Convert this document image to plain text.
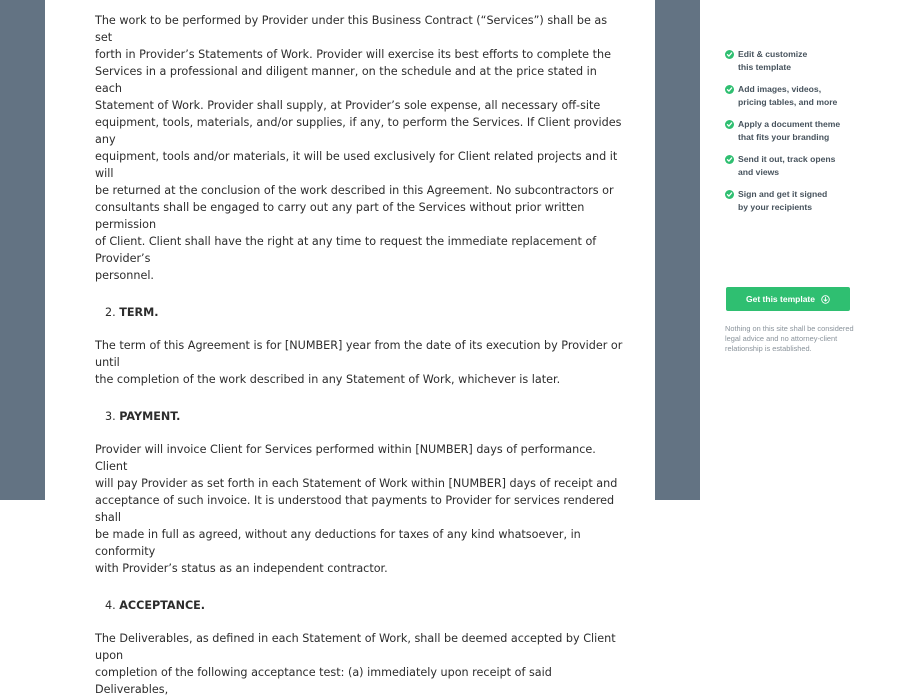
The work to be performed by Provider under this Business Contract (“Services”) shall be as set
forth in Provider’s Statements of Work. Provider will exercise its best efforts to complete the
Services in a professional and diligent manner, on the schedule and at the price stated in each
Statement of Work. Provider shall supply, at Provider’s sole expense, all necessary off-site
equipment, tools, materials, and/or supplies, if any, to perform the Services. If Client provides any
equipment, tools and/or materials, it will be used exclusively for Client related projects and it will
be returned at the conclusion of the work described in this Agreement. No subcontractors or
consultants shall be engaged to carry out any part of the Services without prior written permission
of Client. Client shall have the right at any time to request the immediate replacement of Provider’s
personnel.

2. TERM.

The term of this Agreement is for [NUMBER] year from the date of its execution by Provider or until
the completion of the work described in any Statement of Work, whichever is later.

3. PAYMENT.

Provider will invoice Client for Services performed within [NUMBER] days of performance. Client
will pay Provider as set forth in each Statement of Work within [NUMBER] days of receipt and
acceptance of such invoice. It is understood that payments to Provider for services rendered shall
be made in full as agreed, without any deductions for taxes of any kind whatsoever, in conformity
with Provider’s status as an independent contractor.

4. ACCEPTANCE.

The Deliverables, as defined in each Statement of Work, shall be deemed accepted by Client upon
completion of the following acceptance test: (a) immediately upon receipt of said Deliverables,

Edit & customize
this template
Add images, videos,
pricing tables, and more
Apply a document theme
that fits your branding
Send it out, track opens
and views
Sign and get it signed
by your recipients
Get this template
Nothing on this site shall be considered
legal advice and no attorney-client
relationship is established.
